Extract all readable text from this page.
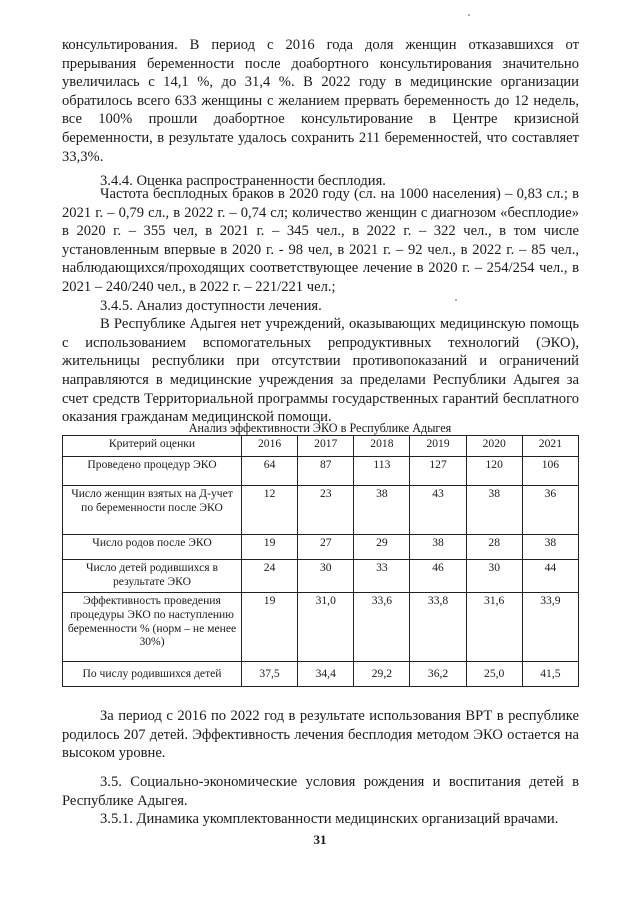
консультирования. В период с 2016 года доля женщин отказавшихся от прерывания беременности после доабортного консультирования значительно увеличилась с 14,1 %, до 31,4 %. В 2022 году в медицинские организации обратилось всего 633 женщины с желанием прервать беременность до 12 недель, все 100% прошли доабортное консультирование в Центре кризисной беременности, в результате удалось сохранить 211 беременностей, что составляет 33,3%.

3.4.4. Оценка распространенности бесплодия.

Частота бесплодных браков в 2020 году (сл. на 1000 населения) – 0,83 сл.; в 2021 г. – 0,79 сл., в 2022 г. – 0,74 сл; количество женщин с диагнозом «бесплодие» в 2020 г. – 355 чел, в 2021 г. – 345 чел., в 2022 г. – 322 чел., в том числе установленным впервые в 2020 г. - 98 чел, в 2021 г. – 92 чел., в 2022 г. – 85 чел., наблюдающихся/проходящих соответствующее лечение в 2020 г. – 254/254 чел., в 2021 – 240/240 чел., в 2022 г. – 221/221 чел.;

3.4.5. Анализ доступности лечения.

В Республике Адыгея нет учреждений, оказывающих медицинскую помощь с использованием вспомогательных репродуктивных технологий (ЭКО), жительницы республики при отсутствии противопоказаний и ограничений направляются в медицинские учреждения за пределами Республики Адыгея за счет средств Территориальной программы государственных гарантий бесплатного оказания гражданам медицинской помощи.

Анализ эффективности ЭКО в Республике Адыгея
Критерий оценки	2016	2017	2018	2019	2020	2021
Проведено процедур ЭКО	64	87	113	127	120	106
Число женщин взятых на Д-учет по беременности после ЭКО	12	23	38	43	38	36
Число родов после ЭКО	19	27	29	38	28	38
Число детей родившихся в результате ЭКО	24	30	33	46	30	44
Эффективность проведения процедуры ЭКО по наступлению беременности % (норм – не менее 30%)	19	31,0	33,6	33,8	31,6	33,9
По числу родившихся детей	37,5	34,4	29,2	36,2	25,0	41,5

За период с 2016 по 2022 год в результате использования ВРТ в республике родилось 207 детей. Эффективность лечения бесплодия методом ЭКО остается на высоком уровне.

3.5. Социально-экономические условия рождения и воспитания детей в Республике Адыгея.

3.5.1. Динамика укомплектованности медицинских организаций врачами.

31
